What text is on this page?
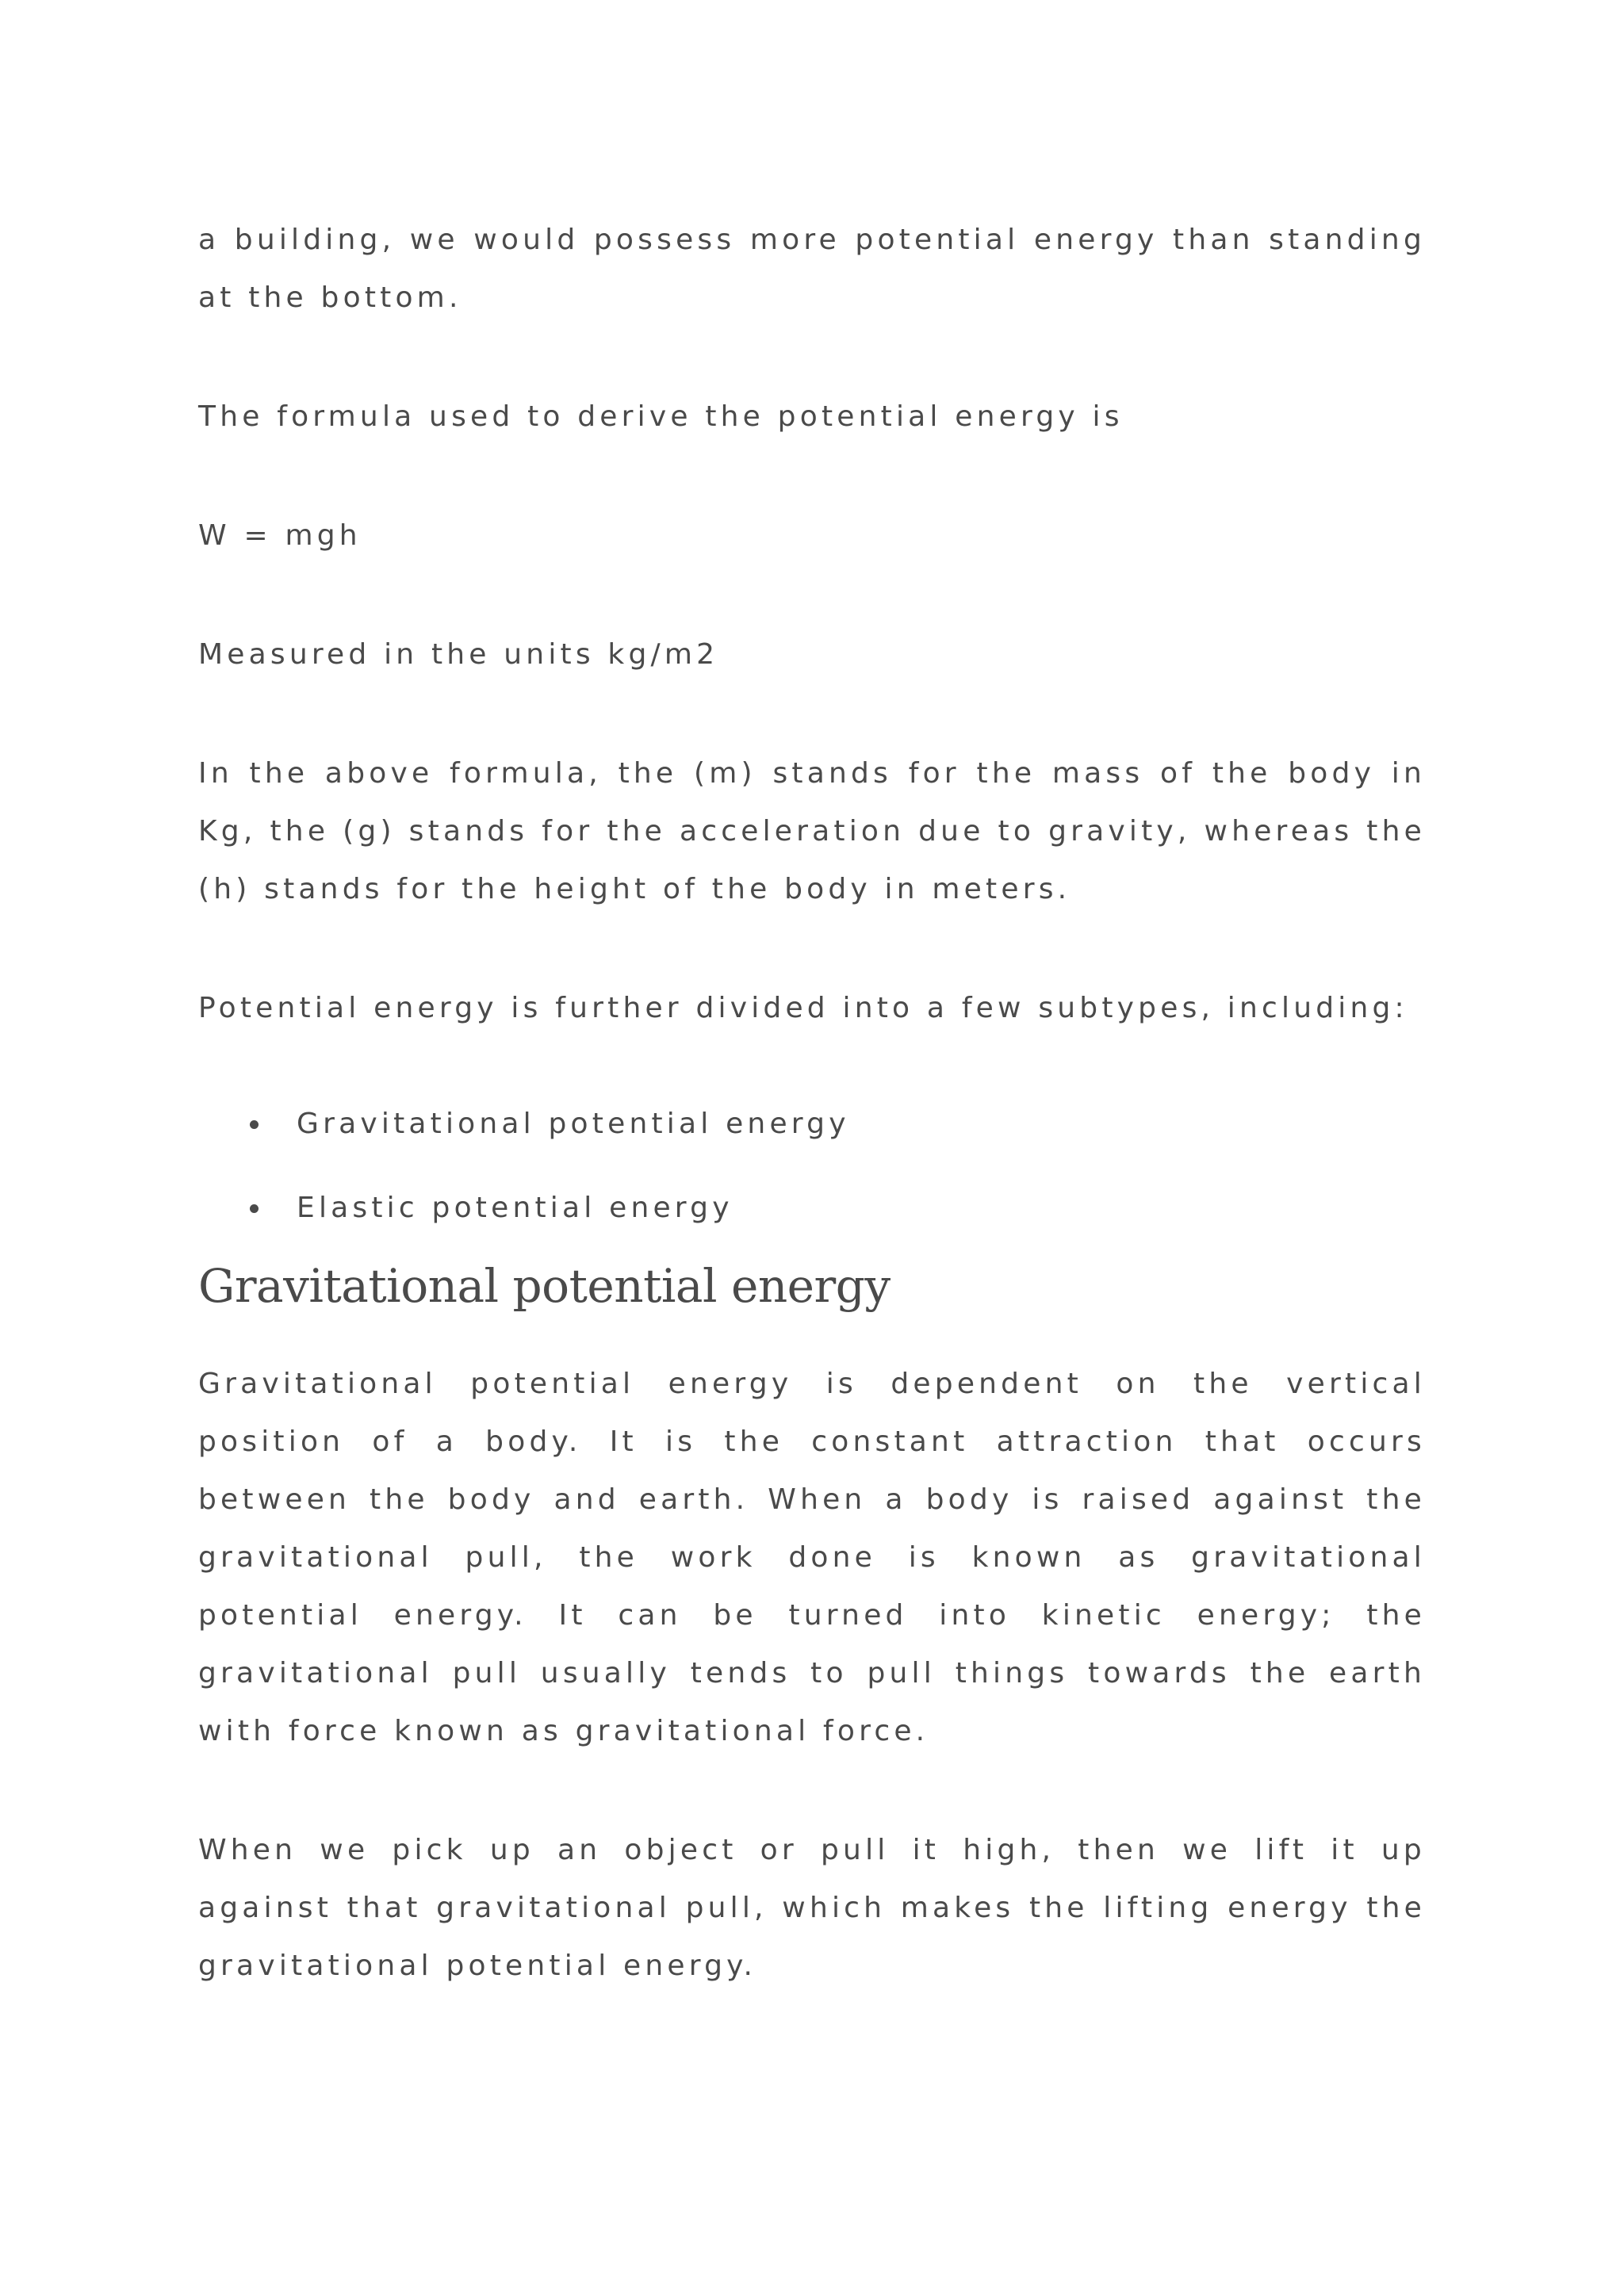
a building, we would possess more potential energy than standing at the bottom.

The formula used to derive the potential energy is

W = mgh

Measured in the units kg/m2

In the above formula, the (m) stands for the mass of the body in Kg, the (g) stands for the acceleration due to gravity, whereas the (h) stands for the height of the body in meters.

Potential energy is further divided into a few subtypes, including:

Gravitational potential energy
Elastic potential energy
Gravitational potential energy

Gravitational potential energy is dependent on the vertical position of a body. It is the constant attraction that occurs between the body and earth. When a body is raised against the gravitational pull, the work done is known as gravitational potential energy. It can be turned into kinetic energy; the gravitational pull usually tends to pull things towards the earth with force known as gravitational force.

When we pick up an object or pull it high, then we lift it up against that gravitational pull, which makes the lifting energy the gravitational potential energy.
